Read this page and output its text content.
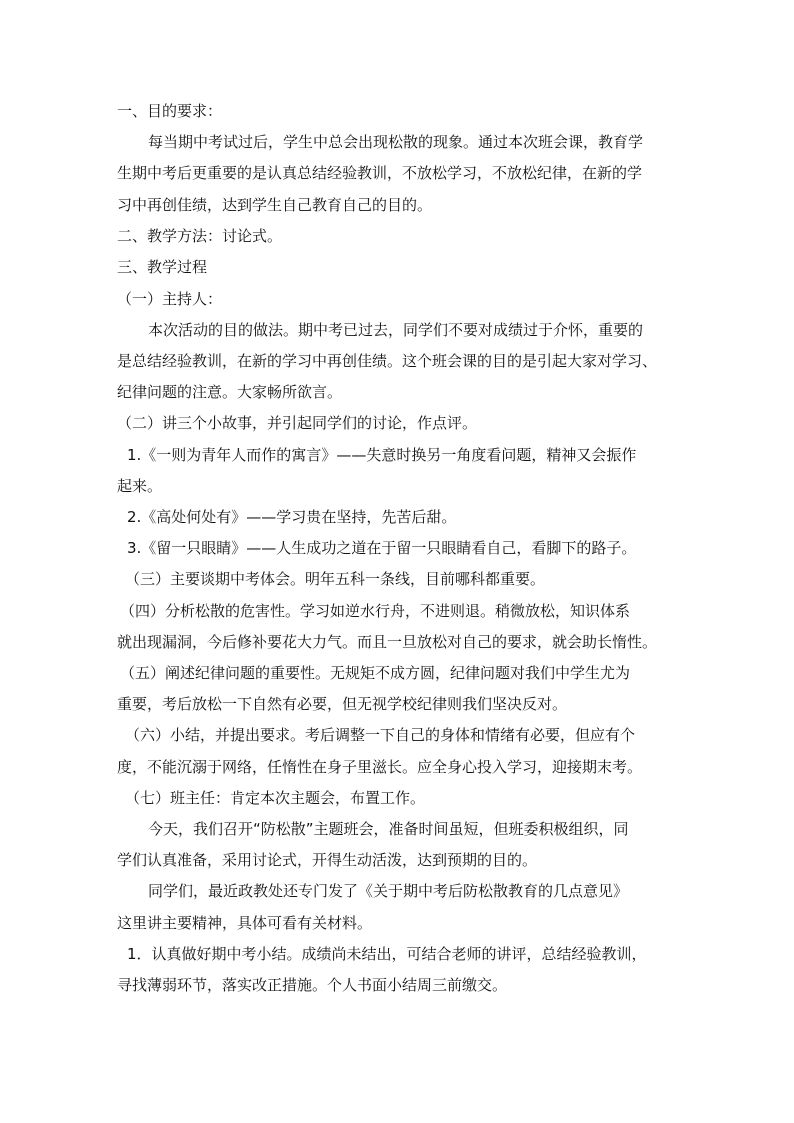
一、目的要求：
每当期中考试过后，学生中总会出现松散的现象。通过本次班会课，教育学
生期中考后更重要的是认真总结经验教训，不放松学习，不放松纪律，在新的学
习中再创佳绩，达到学生自己教育自己的目的。
二、教学方法：讨论式。
三、教学过程
（一）主持人：
本次活动的目的做法。期中考已过去，同学们不要对成绩过于介怀，重要的
是总结经验教训，在新的学习中再创佳绩。这个班会课的目的是引起大家对学习、
纪律问题的注意。大家畅所欲言。
（二）讲三个小故事，并引起同学们的讨论，作点评。
1.《一则为青年人而作的寓言》——失意时换另一角度看问题，精神又会振作
起来。
2.《高处何处有》——学习贵在坚持，先苦后甜。
3.《留一只眼睛》——人生成功之道在于留一只眼睛看自己，看脚下的路子。
（三）主要谈期中考体会。明年五科一条线，目前哪科都重要。
（四）分析松散的危害性。学习如逆水行舟，不进则退。稍微放松，知识体系
就出现漏洞，今后修补要花大力气。而且一旦放松对自己的要求，就会助长惰性。
（五）阐述纪律问题的重要性。无规矩不成方圆，纪律问题对我们中学生尤为
重要，考后放松一下自然有必要，但无视学校纪律则我们坚决反对。
（六）小结，并提出要求。考后调整一下自己的身体和情绪有必要，但应有个
度，不能沉溺于网络，任惰性在身子里滋长。应全身心投入学习，迎接期末考。
（七）班主任：肯定本次主题会，布置工作。
今天，我们召开“防松散”主题班会，准备时间虽短，但班委积极组织，同
学们认真准备，采用讨论式，开得生动活泼，达到预期的目的。
同学们，最近政教处还专门发了《关于期中考后防松散教育的几点意见》
这里讲主要精神，具体可看有关材料。
1．认真做好期中考小结。成绩尚未结出，可结合老师的讲评，总结经验教训，
寻找薄弱环节，落实改正措施。个人书面小结周三前缴交。
